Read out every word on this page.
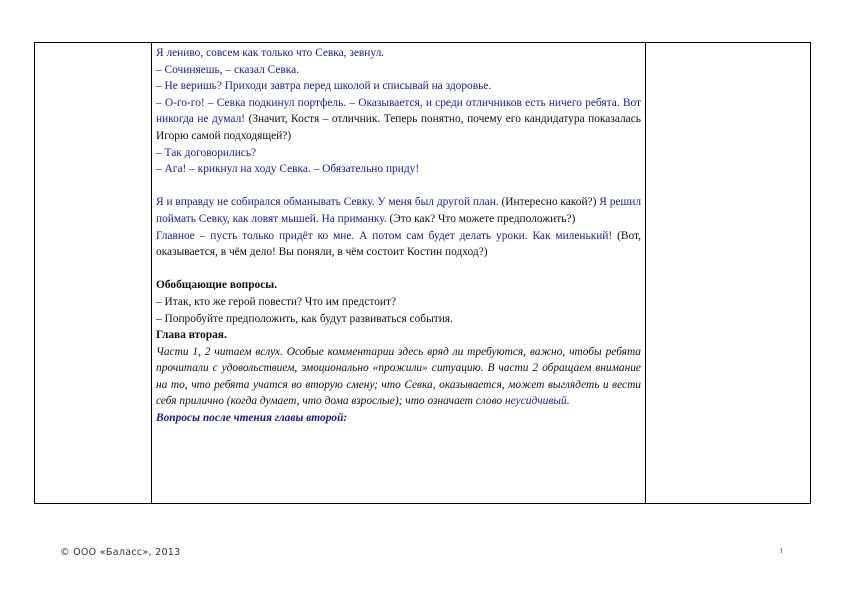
Я лениво, совсем как только что Севка, зевнул.

– Сочиняешь, – сказал Севка.

– Не веришь? Приходи завтра перед школой и списывай на здоровье.

– О-го-го! – Севка подкинул портфель. – Оказывается, и среди отличников есть ничего ребята. Вот никогда не думал! (Значит, Костя – отличник. Теперь понятно, почему его кандидатура показалась Игорю самой подходящей?)

– Так договорились?

– Ага! – крикнул на ходу Севка. – Обязательно приду!

Я и вправду не собирался обманывать Севку. У меня был другой план. (Интересно какой?) Я решил поймать Севку, как ловят мышей. На приманку. (Это как? Что можете предположить?)

Главное – пусть только придёт ко мне. А потом сам будет делать уроки. Как миленький! (Вот, оказывается, в чём дело! Вы поняли, в чём состоит Костин подход?)

Обобщающие вопросы.

– Итак, кто же герой повести? Что им предстоит?

– Попробуйте предположить, как будут развиваться события.

Глава вторая.

Части 1, 2 читаем вслух. Особые комментарии здесь вряд ли требуются, важно, чтобы ребята прочитали с удовольствием, эмоционально «прожили» ситуацию. В части 2 обращаем внимание на то, что ребята учатся во вторую смену; что Севка, оказывается, может выглядеть и вести себя прилично (когда думает, что дома взрослые); что означает слово неусидчивый.

Вопросы после чтения главы второй:

© ООО «Баласс», 2013	ı
